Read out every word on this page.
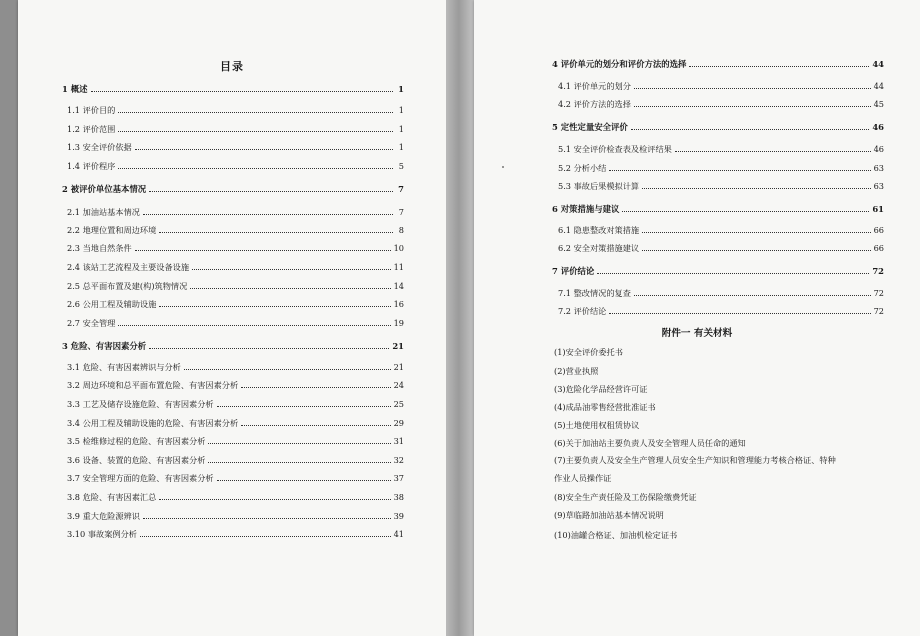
目录
1 概述	1
1.1 评价目的	1
1.2 评价范围	1
1.3 安全评价依据	1
1.4 评价程序	5
2 被评价单位基本情况	7
2.1 加油站基本情况	7
2.2 地理位置和周边环境	8
2.3 当地自然条件	10
2.4 该站工艺流程及主要设备设施	11
2.5 总平面布置及建(构)筑物情况	14
2.6 公用工程及辅助设施	16
2.7 安全管理	19
3 危险、有害因素分析	21
3.1 危险、有害因素辨识与分析	21
3.2 周边环境和总平面布置危险、有害因素分析	24
3.3 工艺及储存设施危险、有害因素分析	25
3.4 公用工程及辅助设施的危险、有害因素分析	29
3.5 检维修过程的危险、有害因素分析	31
3.6 设备、装置的危险、有害因素分析	32
3.7 安全管理方面的危险、有害因素分析	37
3.8 危险、有害因素汇总	38
3.9 重大危险源辨识	39
3.10 事故案例分析	41
4 评价单元的划分和评价方法的选择	44
4.1 评价单元的划分	44
4.2 评价方法的选择	45
5 定性定量安全评价	46
5.1 安全评价检查表及检评结果	46
5.2 分析小结	63
5.3 事故后果模拟计算	63
6 对策措施与建议	61
6.1 隐患整改对策措施	66
6.2 安全对策措施建议	66
7 评价结论	72
7.1 整改情况的复查	72
7.2 评价结论	72
附件一 有关材料
(1)安全评价委托书
(2)营业执照
(3)危险化学品经营许可证
(4)成品油零售经营批准证书
(5)土地使用权租赁协议
(6)关于加油站主要负责人及安全管理人员任命的通知
(7)主要负责人及安全生产管理人员安全生产知识和管理能力考核合格证、特种
作业人员操作证
(8)安全生产责任险及工伤保险缴费凭证
(9)草临路加油站基本情况说明
(10)油罐合格证、加油机检定证书
